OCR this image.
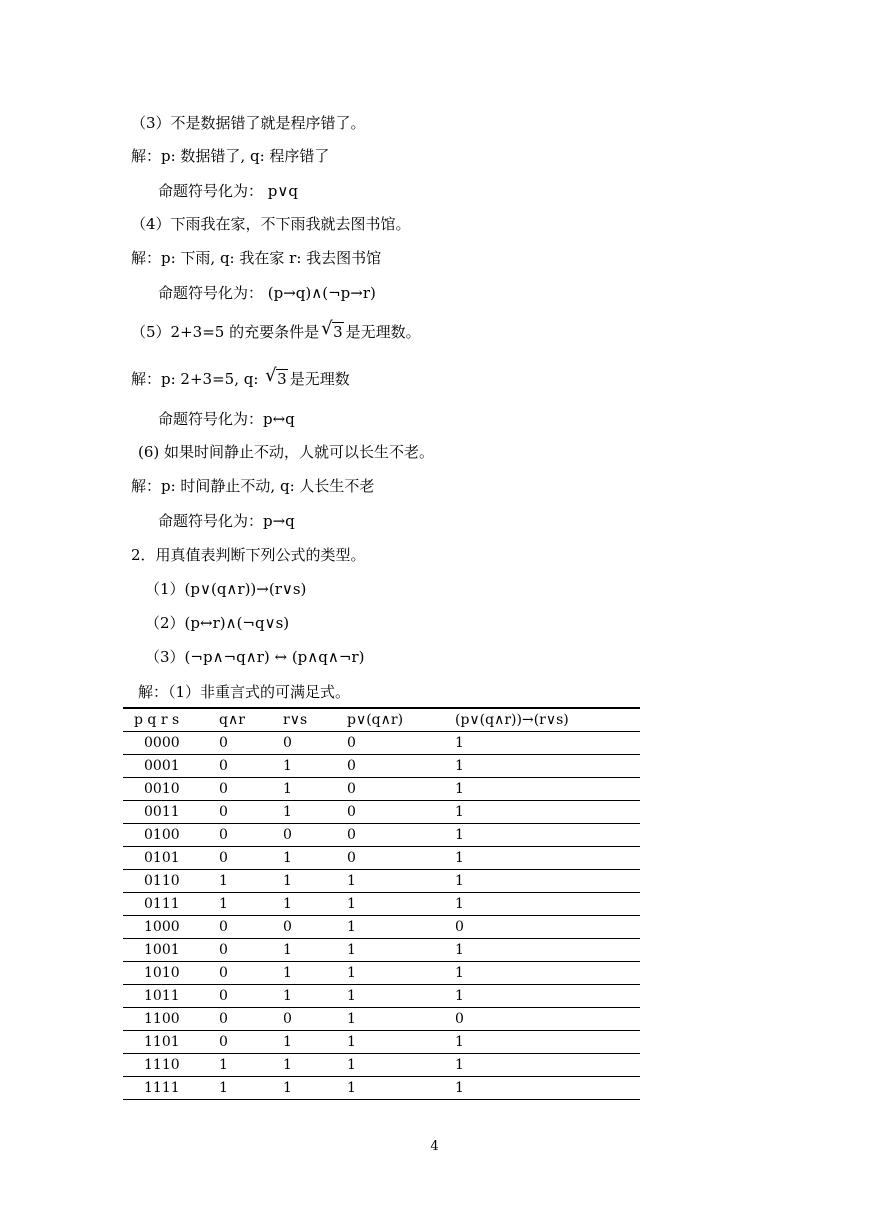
（3）不是数据错了就是程序错了。
解：p: 数据错了, q: 程序错了
命题符号化为： p∨q
（4）下雨我在家，不下雨我就去图书馆。
解：p: 下雨, q: 我在家 r: 我去图书馆
命题符号化为： (p→q)∧(¬p→r)
（5）2+3=5 的充要条件是 √ 3 是无理数。
解：p: 2+3=5, q: √ 3 是无理数
命题符号化为：p↔q
(6) 如果时间静止不动，人就可以长生不老。
解：p: 时间静止不动, q: 人长生不老
命题符号化为：p→q
2．用真值表判断下列公式的类型。
（1）(p∨(q∧r))→(r∨s)
（2）(p↔r)∧(¬q∨s)
（3）(¬p∧¬q∧r) ↔ (p∧q∧¬r)
解：（1）非重言式的可满足式。
p q r s	q∧r	r∨s	p∨(q∧r)	(p∨(q∧r))→(r∨s)
0000	0	0	0	1
0001	0	1	0	1
0010	0	1	0	1
0011	0	1	0	1
0100	0	0	0	1
0101	0	1	0	1
0110	1	1	1	1
0111	1	1	1	1
1000	0	0	1	0
1001	0	1	1	1
1010	0	1	1	1
1011	0	1	1	1
1100	0	0	1	0
1101	0	1	1	1
1110	1	1	1	1
1111	1	1	1	1
4
